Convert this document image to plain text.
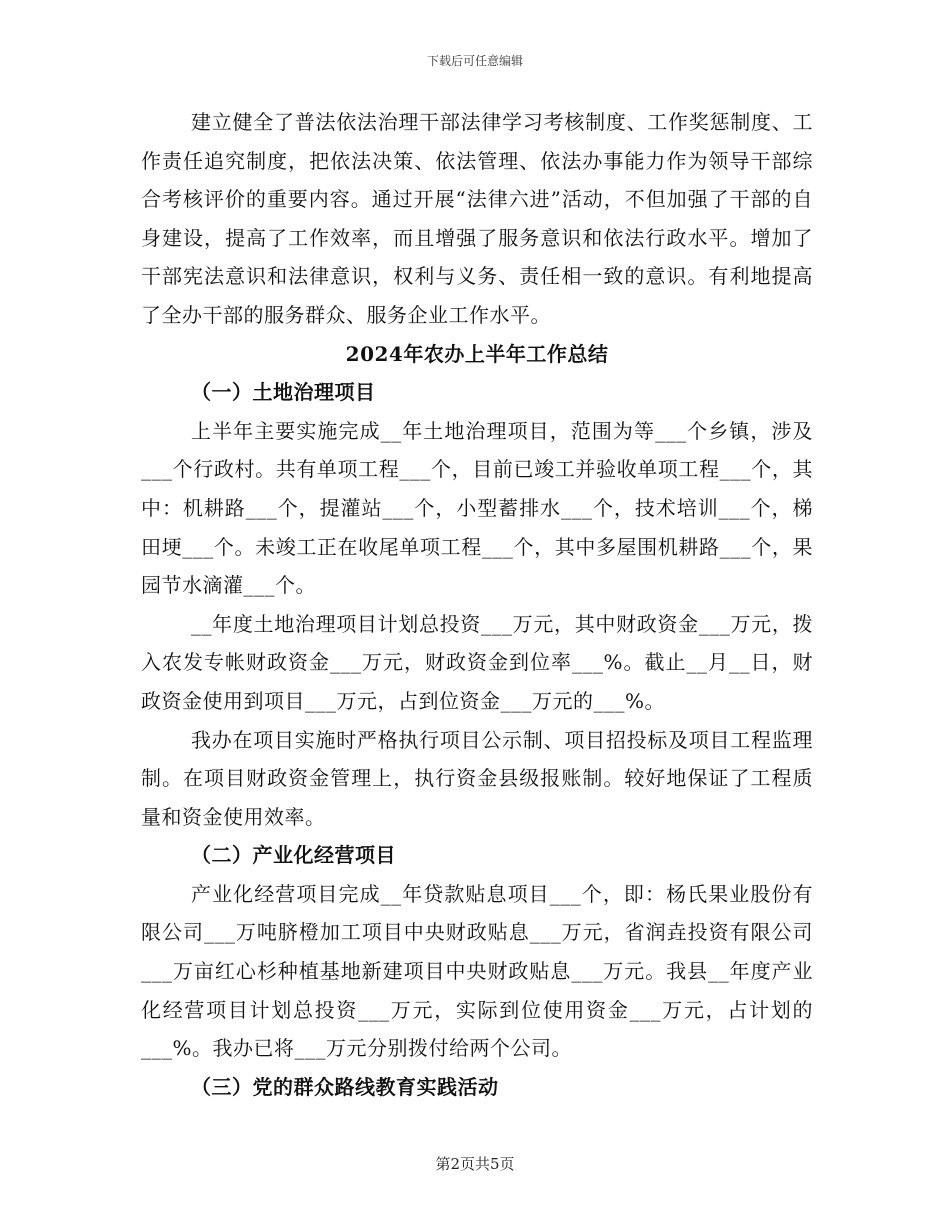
下载后可任意编辑

建立健全了普法依法治理干部法律学习考核制度、工作奖惩制度、工作责任追究制度，把依法决策、依法管理、依法办事能力作为领导干部综合考核评价的重要内容。通过开展“法律六进”活动，不但加强了干部的自身建设，提高了工作效率，而且增强了服务意识和依法行政水平。增加了干部宪法意识和法律意识，权利与义务、责任相一致的意识。有利地提高了全办干部的服务群众、服务企业工作水平。

2024年农办上半年工作总结
（一）土地治理项目

上半年主要实施完成__年土地治理项目，范围为等___个乡镇，涉及___个行政村。共有单项工程___个，目前已竣工并验收单项工程___个，其中：机耕路___个，提灌站___个，小型蓄排水___个，技术培训___个，梯田埂___个。未竣工正在收尾单项工程___个，其中多屋围机耕路___个，果园节水滴灌___个。

__年度土地治理项目计划总投资___万元，其中财政资金___万元，拨入农发专帐财政资金___万元，财政资金到位率___%。截止__月__日，财政资金使用到项目___万元，占到位资金___万元的___%。

我办在项目实施时严格执行项目公示制、项目招投标及项目工程监理制。在项目财政资金管理上，执行资金县级报账制。较好地保证了工程质量和资金使用效率。

（二）产业化经营项目

产业化经营项目完成__年贷款贴息项目___个，即：杨氏果业股份有限公司___万吨脐橙加工项目中央财政贴息___万元，省润垚投资有限公司___万亩红心杉种植基地新建项目中央财政贴息___万元。我县__年度产业化经营项目计划总投资___万元，实际到位使用资金___万元，占计划的___%。我办已将___万元分别拨付给两个公司。

（三）党的群众路线教育实践活动
第2页共5页
